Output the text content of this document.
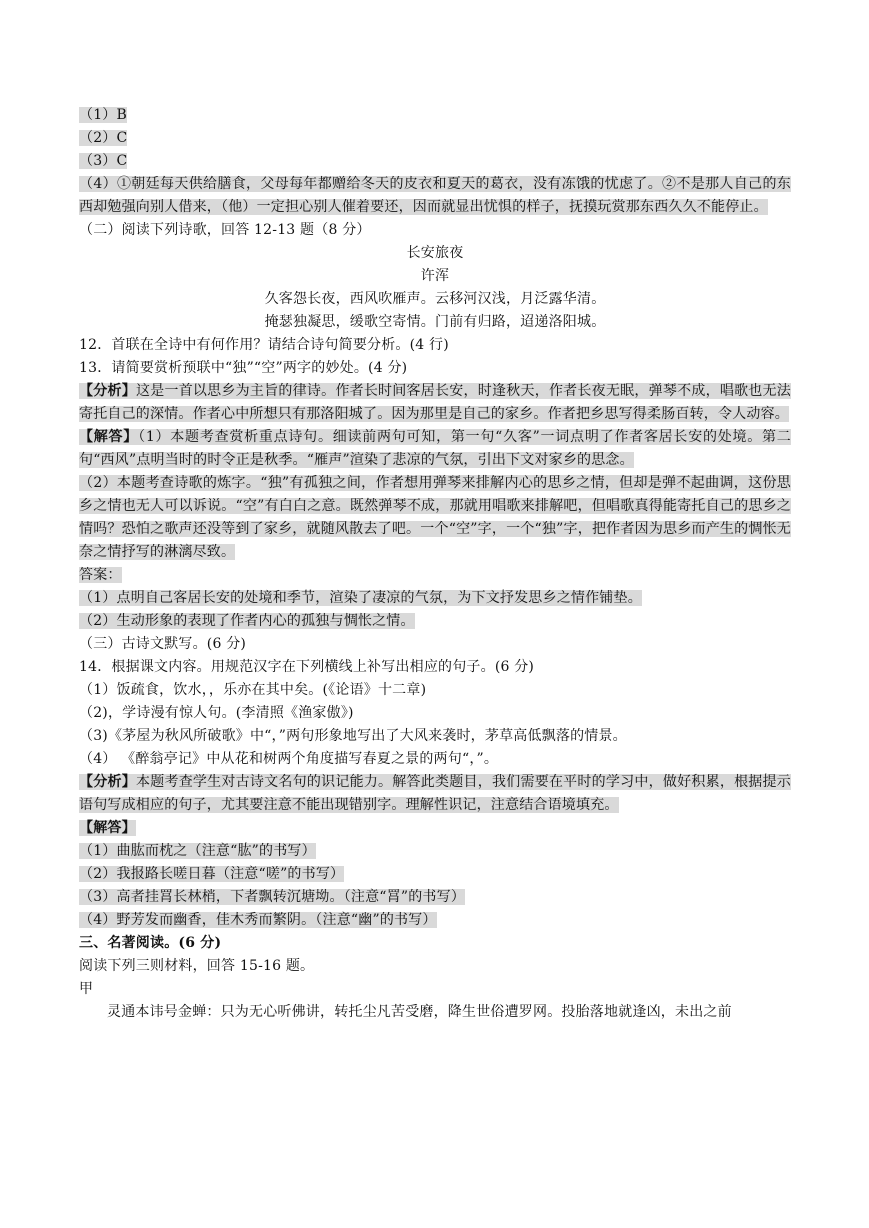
（1）B
（2）C
（3）C
（4）①朝廷每天供给膳食，父母每年都赠给冬天的皮衣和夏天的葛衣，没有冻饿的忧虑了。②不是那人自己的东西却勉强向别人借来，（他）一定担心别人催着要还，因而就显出忧惧的样子，抚摸玩赏那东西久久不能停止。
（二）阅读下列诗歌，回答 12-13 题（8 分）
长安旅夜
许浑
久客怨长夜，西风吹雁声。云移河汉浅，月泛露华清。
掩瑟独凝思，缓歌空寄情。门前有归路，迢递洛阳城。
12．首联在全诗中有何作用？请结合诗句简要分析。(4 行)
13．请简要赏析预联中“独”“空”两字的妙处。(4 分)
【分析】这是一首以思乡为主旨的律诗。作者长时间客居长安，时逢秋天，作者长夜无眠，弹琴不成，唱歌也无法寄托自己的深情。作者心中所想只有那洛阳城了。因为那里是自己的家乡。作者把乡思写得柔肠百转，令人动容。
【解答】（1）本题考查赏析重点诗句。细读前两句可知，第一句“久客”一词点明了作者客居长安的处境。第二句“西风”点明当时的时令正是秋季。“雁声”渲染了悲凉的气氛，引出下文对家乡的思念。
（2）本题考查诗歌的炼字。“独”有孤独之间，作者想用弹琴来排解内心的思乡之情，但却是弹不起曲调，这份思乡之情也无人可以诉说。“空”有白白之意。既然弹琴不成，那就用唱歌来排解吧，但唱歌真得能寄托自己的思乡之情吗？恐怕之歌声还没等到了家乡，就随风散去了吧。一个“空”字，一个“独”字，把作者因为思乡而产生的惆怅无奈之情抒写的淋漓尽致。
答案：
（1）点明自己客居长安的处境和季节，渲染了凄凉的气氛，为下文抒发思乡之情作铺垫。
（2）生动形象的表现了作者内心的孤独与惆怅之情。
（三）古诗文默写。(6 分)
14．根据课文内容。用规范汉字在下列横线上补写出相应的句子。(6 分)
（1）饭疏食，饮水，，乐亦在其中矣。(《论语》十二章)
（2)，学诗漫有惊人句。(李清照《渔家傲》)
（3)《茅屋为秋风所破歌》中“，”两句形象地写出了大风来袭时，茅草高低飘落的情景。
（4） 《醉翁亭记》中从花和树两个角度描写春夏之景的两句“，”。
【分析】本题考查学生对古诗文名句的识记能力。解答此类题目，我们需要在平时的学习中，做好积累，根据提示语句写成相应的句子，尤其要注意不能出现错别字。理解性识记，注意结合语境填充。
【解答】
（1）曲肱而枕之（注意“肱”的书写）
（2）我报路长嗟日暮（注意“嗟”的书写）
（3）高者挂罥长林梢，下者飘转沉塘坳。（注意“罥”的书写）
（4）野芳发而幽香，佳木秀而繁阴。（注意“幽”的书写）
三、名著阅读。(6 分)
阅读下列三则材料，回答 15-16 题。
甲
灵通本讳号金蝉：只为无心听佛讲，转托尘凡苦受磨，降生世俗遭罗网。投胎落地就逢凶，未出之前
